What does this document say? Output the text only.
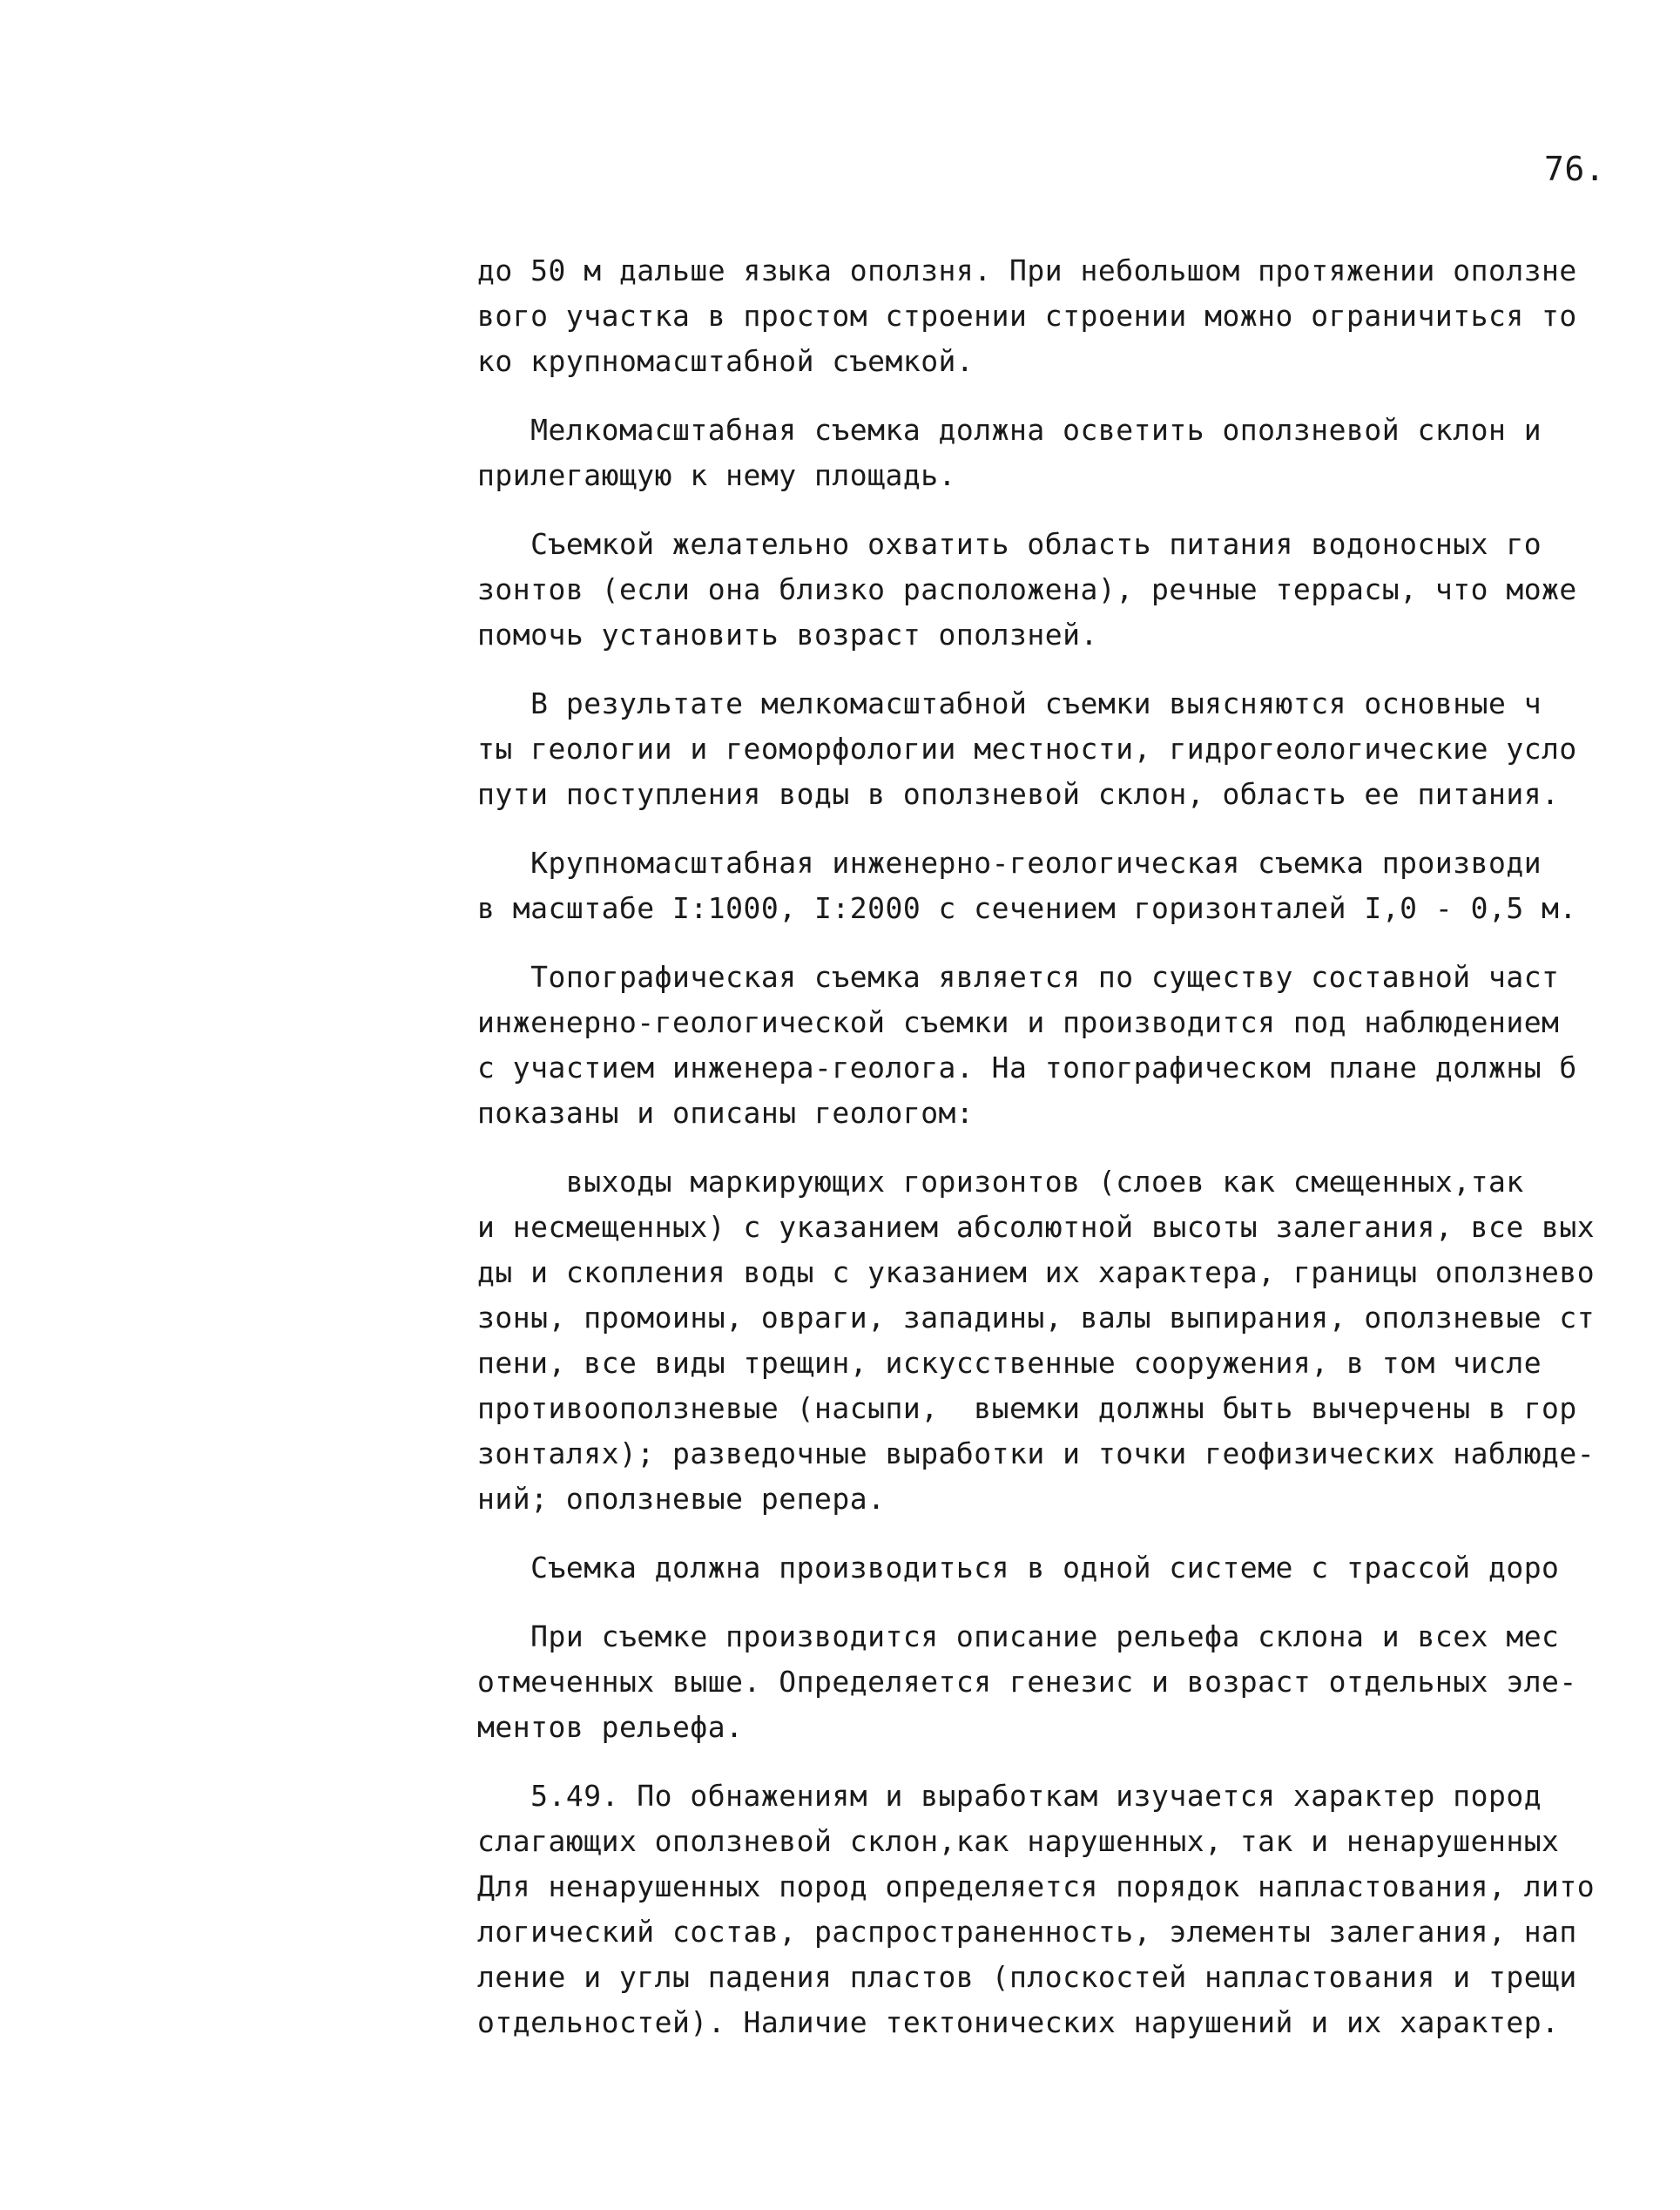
76.
до 50 м дальше языка оползня. При небольшом протяжении оползне
вого участка в простом строении строении можно ограничиться то
ко крупномасштабной съемкой.
Мелкомасштабная съемка должна осветить оползневой склон и
прилегающую к нему площадь.
Съемкой желательно охватить область питания водоносных го
зонтов (если она близко расположена), речные террасы, что може
помочь установить возраст оползней.
В результате мелкомасштабной съемки выясняются основные ч
ты геологии и геоморфологии местности, гидрогеологические усло
пути поступления воды в оползневой склон, область ее питания.
Крупномасштабная инженерно-геологическая съемка производи
в масштабе I:1000, I:2000 с сечением горизонталей I,0 - 0,5 м.
Топографическая съемка является по существу составной част
инженерно-геологической съемки и производится под наблюдением
с участием инженера-геолога. На топографическом плане должны б
показаны и описаны геологом:
выходы маркирующих горизонтов (слоев как смещенных,так
и несмещенных) с указанием абсолютной высоты залегания, все вых
ды и скопления воды с указанием их характера, границы оползнево
зоны, промоины, овраги, западины, валы выпирания, оползневые ст
пени, все виды трещин, искусственные сооружения, в том числе
противооползневые (насыпи,  выемки должны быть вычерчены в гор
зонталях); разведочные выработки и точки геофизических наблюде-
ний; оползневые репера.
Съемка должна производиться в одной системе с трассой доро
При съемке производится описание рельефа склона и всех мес
отмеченных выше. Определяется генезис и возраст отдельных эле-
ментов рельефа.
5.49. По обнажениям и выработкам изучается характер пород
слагающих оползневой склон,как нарушенных, так и ненарушенных
Для ненарушенных пород определяется порядок напластования, лито
логический состав, распространенность, элементы залегания, нап
ление и углы падения пластов (плоскостей напластования и трещи
отдельностей). Наличие тектонических нарушений и их характер.
